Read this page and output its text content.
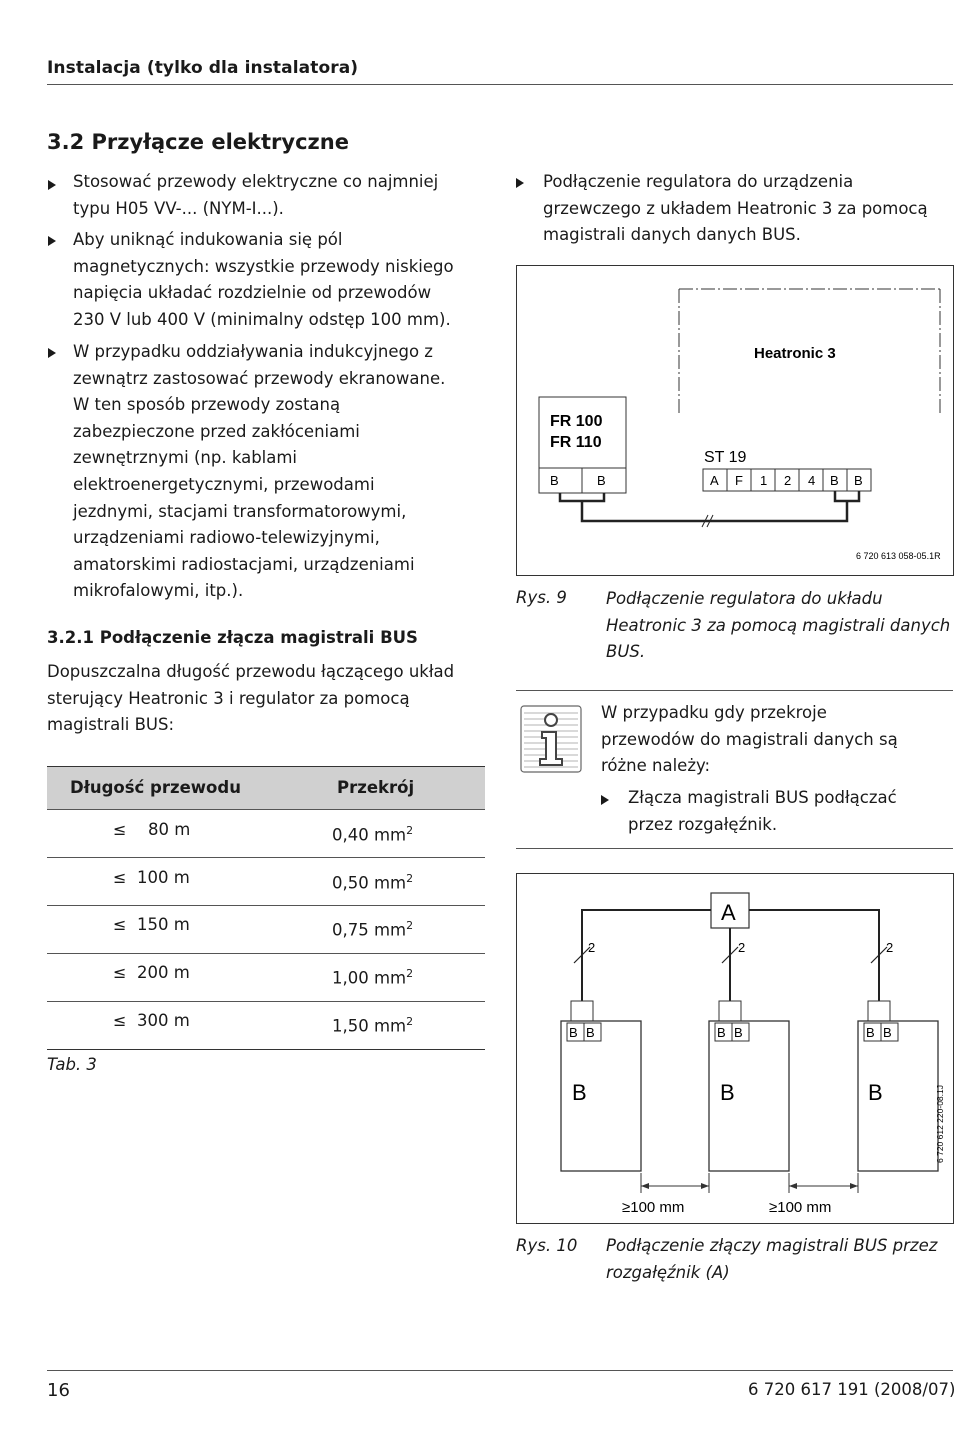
Instalacja (tylko dla instalatora)
3.2 Przyłącze elektryczne
Stosować przewody elektryczne co najmniej
typu H05 VV-... (NYM-I...).
Aby uniknąć indukowania się pól
magnetycznych: wszystkie przewody niskiego
napięcia układać rozdzielnie od przewodów
230 V lub 400 V (minimalny odstęp 100 mm).
W przypadku oddziaływania indukcyjnego z
zewnątrz zastosować przewody ekranowane.
W ten sposób przewody zostaną
zabezpieczone przed zakłóceniami
zewnętrznymi (np. kablami
elektroenergetycznymi, przewodami
jezdnymi, stacjami transformatorowymi,
urządzeniami radiowo-telewizyjnymi,
amatorskimi radiostacjami, urządzeniami
mikrofalowymi, itp.).
3.2.1 Podłączenie złącza magistrali BUS
Dopuszczalna długość przewodu łączącego układ
sterujący Heatronic 3 i regulator za pomocą
magistrali BUS:
Długość przewodu	Przekrój
≤ 80 m	0,40 $mm^2$
≤ 100 m	0,50 $mm^2$
≤ 150 m	0,75 $mm^2$
≤ 200 m	1,00 $mm^2$
≤ 300 m	1,50 $mm^2$
Tab. 3
Podłączenie regulatora do urządzenia
grzewczego z układem Heatronic 3 za pomocą
magistrali danych danych BUS.
Heatronic 3
ST 19
A F 1 2 4 B B
FR 100
FR 110
B	B
6 720 613 058-05.1R
Rys. 9 Podłączenie regulatora do układu
Heatronic 3 za pomocą magistrali danych
BUS.
W przypadku gdy przekroje
przewodów do magistrali danych są
różne należy:
Złącza magistrali BUS podłączać
przez rozgałęźnik.
A
2	2	2
B B
B
B B
B
B B
B
≥100 mm	≥100 mm
6 720 612 220-08.1J
Rys. 10 Podłączenie złączy magistrali BUS przez
rozgałęźnik (A)
16	6 720 617 191 (2008/07)
